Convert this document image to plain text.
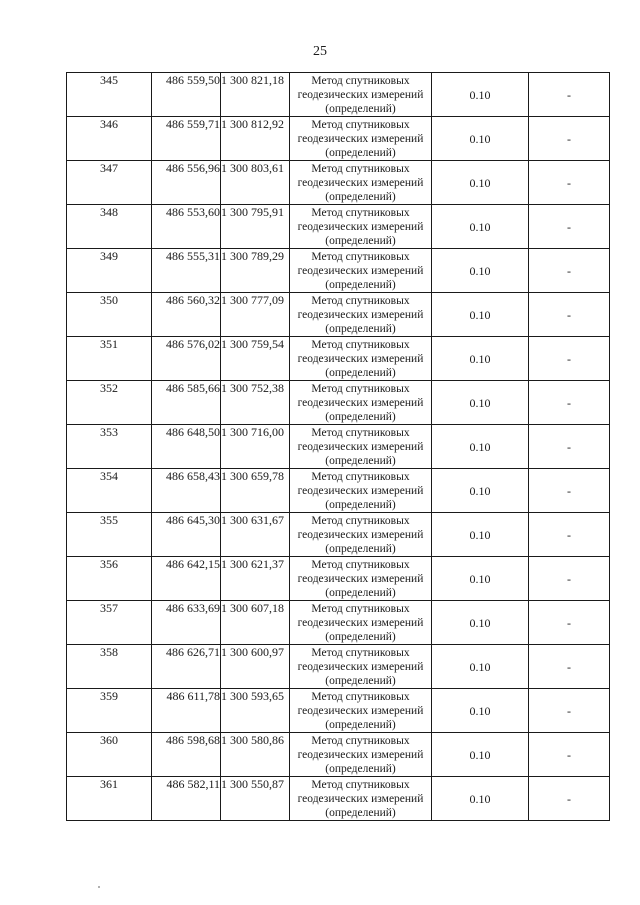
25
345	486 559,50	1 300 821,18	Метод спутниковых
геодезических измерений
(определений)	0.10	-
346	486 559,71	1 300 812,92	Метод спутниковых
геодезических измерений
(определений)	0.10	-
347	486 556,96	1 300 803,61	Метод спутниковых
геодезических измерений
(определений)	0.10	-
348	486 553,60	1 300 795,91	Метод спутниковых
геодезических измерений
(определений)	0.10	-
349	486 555,31	1 300 789,29	Метод спутниковых
геодезических измерений
(определений)	0.10	-
350	486 560,32	1 300 777,09	Метод спутниковых
геодезических измерений
(определений)	0.10	-
351	486 576,02	1 300 759,54	Метод спутниковых
геодезических измерений
(определений)	0.10	-
352	486 585,66	1 300 752,38	Метод спутниковых
геодезических измерений
(определений)	0.10	-
353	486 648,50	1 300 716,00	Метод спутниковых
геодезических измерений
(определений)	0.10	-
354	486 658,43	1 300 659,78	Метод спутниковых
геодезических измерений
(определений)	0.10	-
355	486 645,30	1 300 631,67	Метод спутниковых
геодезических измерений
(определений)	0.10	-
356	486 642,15	1 300 621,37	Метод спутниковых
геодезических измерений
(определений)	0.10	-
357	486 633,69	1 300 607,18	Метод спутниковых
геодезических измерений
(определений)	0.10	-
358	486 626,71	1 300 600,97	Метод спутниковых
геодезических измерений
(определений)	0.10	-
359	486 611,78	1 300 593,65	Метод спутниковых
геодезических измерений
(определений)	0.10	-
360	486 598,68	1 300 580,86	Метод спутниковых
геодезических измерений
(определений)	0.10	-
361	486 582,11	1 300 550,87	Метод спутниковых
геодезических измерений
(определений)	0.10	-
